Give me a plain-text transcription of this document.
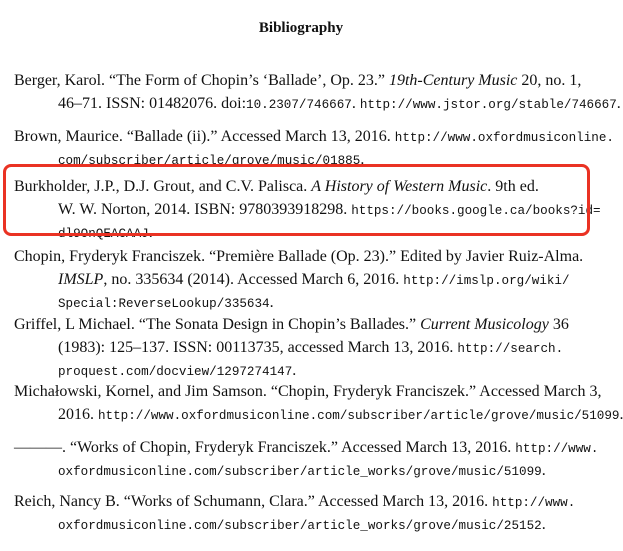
Bibliography
Berger, Karol. “The Form of Chopin’s ‘Ballade’, Op. 23.” 19th-Century Music 20, no. 1,
46–71. ISSN: 01482076. doi:10.2307/746667. http://www.jstor.org/stable/746667.
Brown, Maurice. “Ballade (ii).” Accessed March 13, 2016. http://www.oxfordmusiconline.
com/subscriber/article/grove/music/01885.
Burkholder, J.P., D.J. Grout, and C.V. Palisca. A History of Western Music. 9th ed.
W. W. Norton, 2014. ISBN: 9780393918298. https://books.google.ca/books?id=
dl9OnQEACAAJ.
Chopin, Fryderyk Franciszek. “Première Ballade (Op. 23).” Edited by Javier Ruiz-Alma.
IMSLP, no. 335634 (2014). Accessed March 6, 2016. http://imslp.org/wiki/
Special:ReverseLookup/335634.
Griffel, L Michael. “The Sonata Design in Chopin’s Ballades.” Current Musicology 36
(1983): 125–137. ISSN: 00113735, accessed March 13, 2016. http://search.
proquest.com/docview/1297274147.
Michałowski, Kornel, and Jim Samson. “Chopin, Fryderyk Franciszek.” Accessed March 3,
2016. http://www.oxfordmusiconline.com/subscriber/article/grove/music/51099
———. “Works of Chopin, Fryderyk Franciszek.” Accessed March 13, 2016. http://www.
oxfordmusiconline.com/subscriber/article_works/grove/music/51099.
Reich, Nancy B. “Works of Schumann, Clara.” Accessed March 13, 2016. http://www.
oxfordmusiconline.com/subscriber/article_works/grove/music/25152.
